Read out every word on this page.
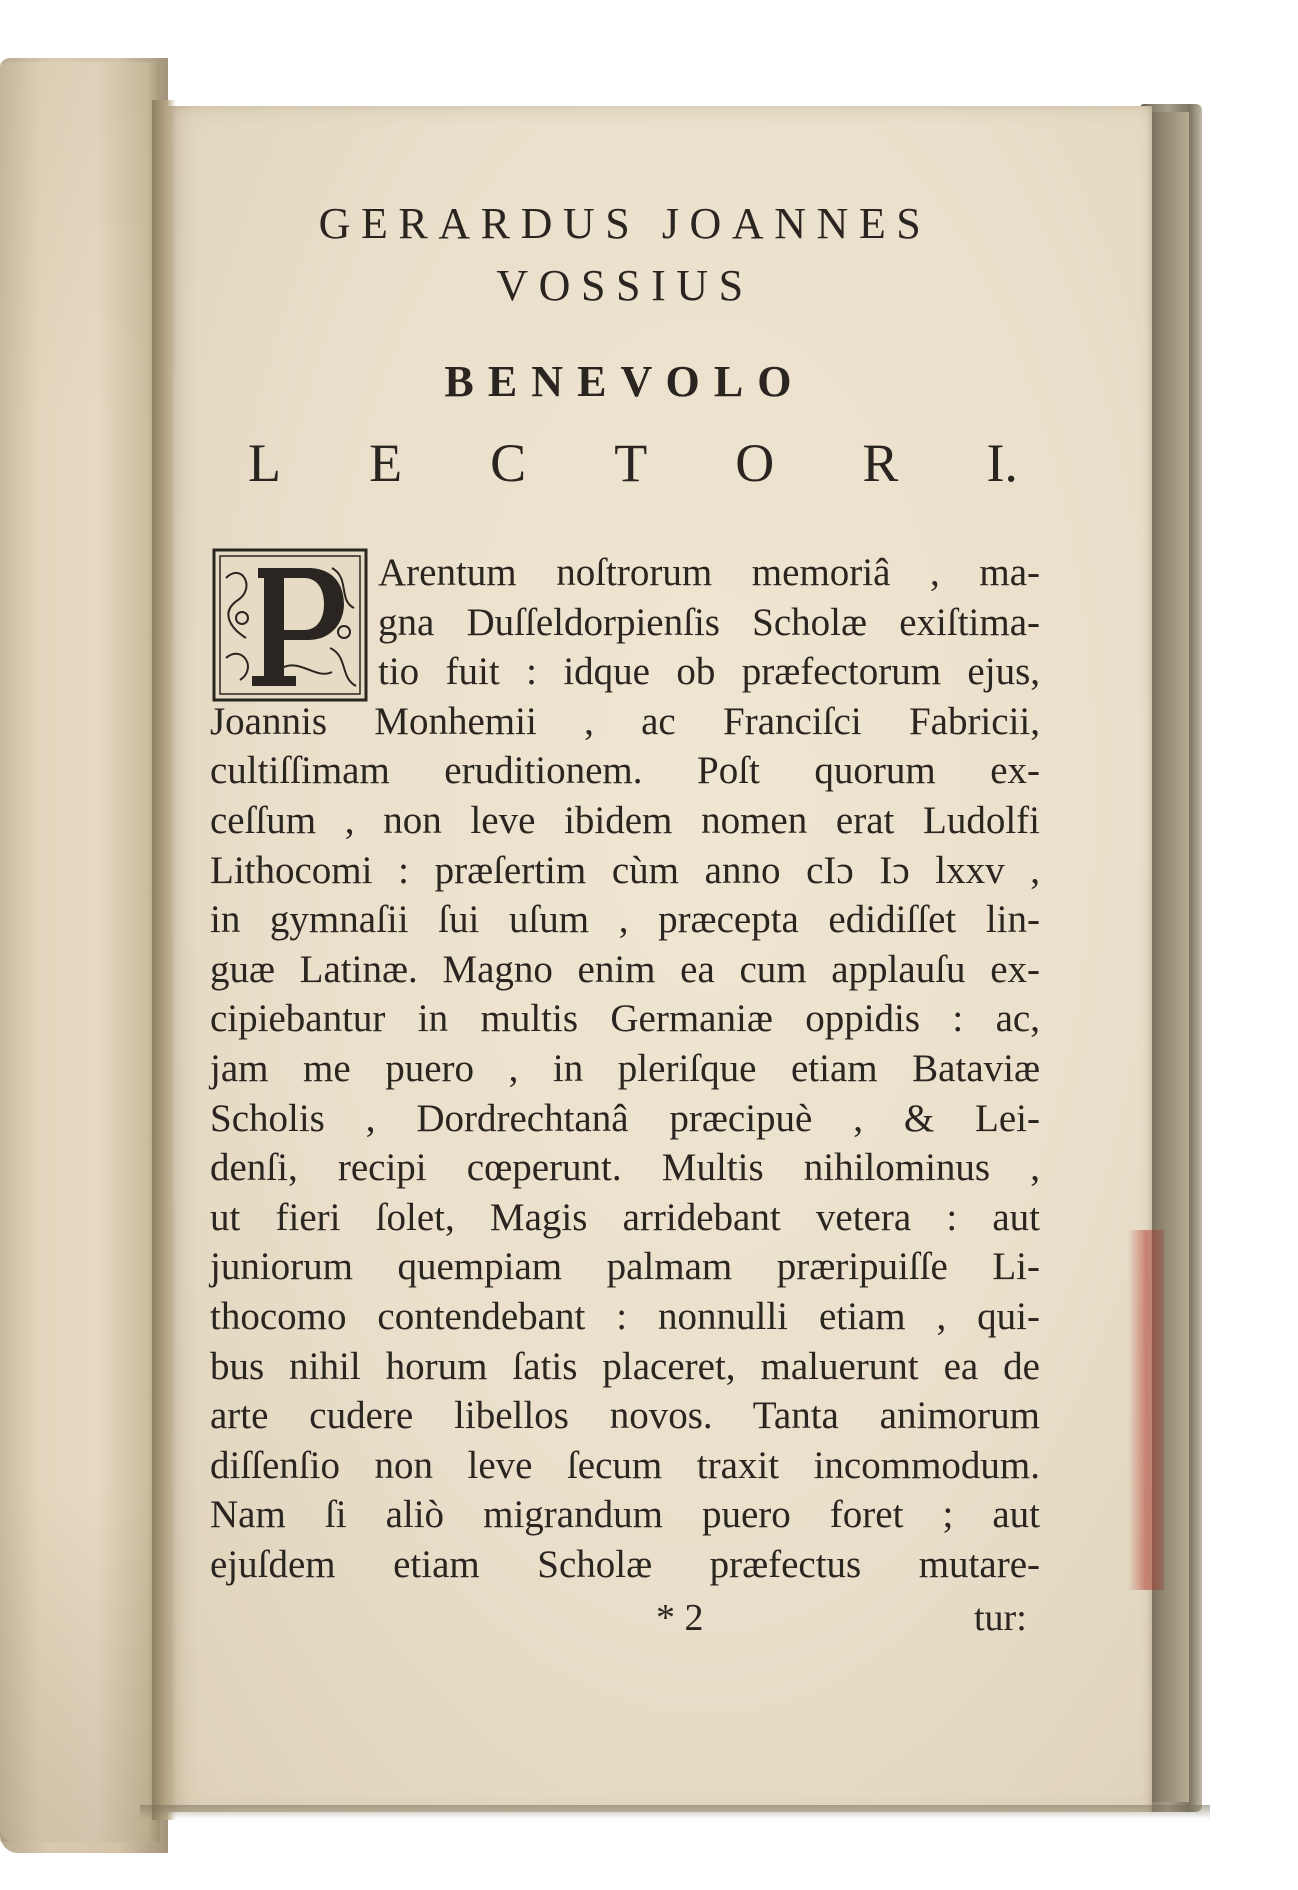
GERARDUS JOANNES
VOSSIUS
BENEVOLO
L E C T O R I.
P
Arentum noſtrorum memoriâ , ma-
gna Duſſeldorpienſis Scholæ exiſtima-
tio fuit : idque ob præfectorum ejus,
Joannis Monhemii , ac Franciſci Fabricii,
cultiſſimam eruditionem. Poſt quorum ex-
ceſſum , non leve ibidem nomen erat Ludolfi
Lithocomi : præſertim cùm anno cIɔ Iɔ lxxv ,
in gymnaſii ſui uſum , præcepta edidiſſet lin-
guæ Latinæ. Magno enim ea cum applauſu ex-
cipiebantur in multis Germaniæ oppidis : ac,
jam me puero , in pleriſque etiam Bataviæ
Scholis , Dordrechtanâ præcipuè , & Lei-
denſi, recipi cœperunt. Multis nihilominus ,
ut fieri ſolet, Magis arridebant vetera : aut
juniorum quempiam palmam præripuiſſe Li-
thocomo contendebant : nonnulli etiam , qui-
bus nihil horum ſatis placeret, maluerunt ea de
arte cudere libellos novos. Tanta animorum
diſſenſio non leve ſecum traxit incommodum.
Nam ſi aliò migrandum puero foret ; aut
ejuſdem etiam Scholæ præfectus mutare-
* 2	tur:
